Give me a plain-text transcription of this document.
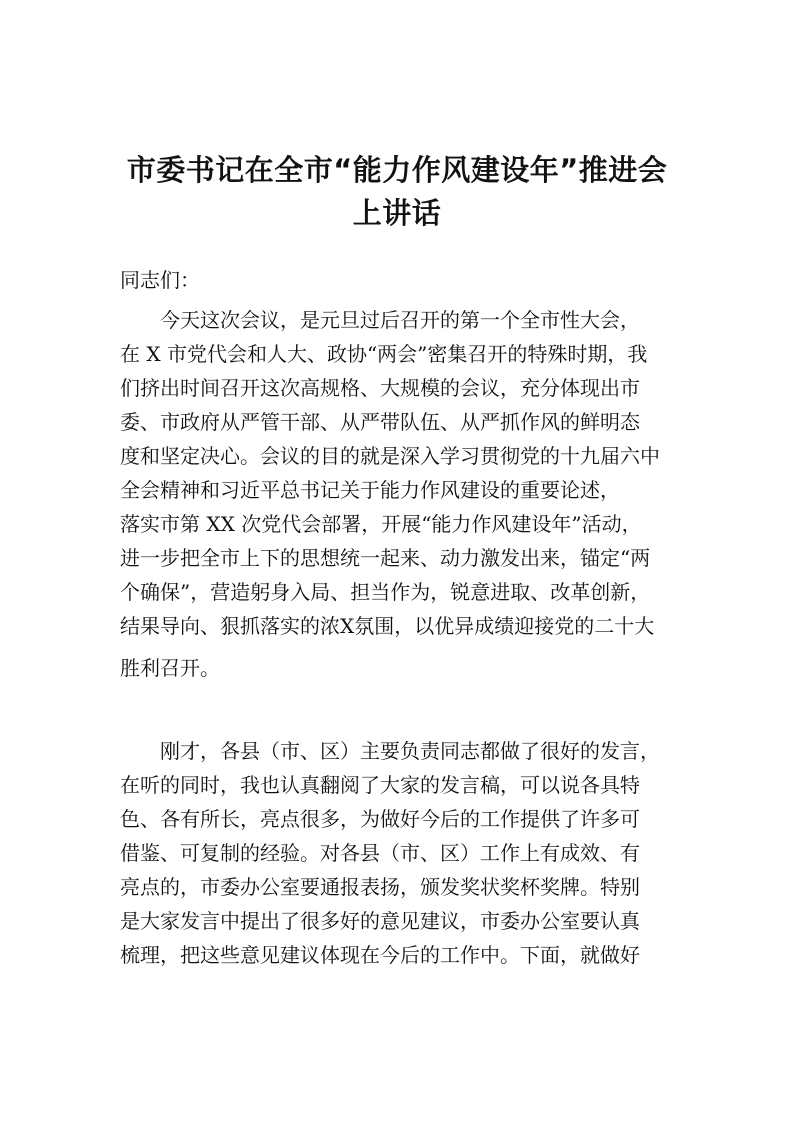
市委书记在全市“能力作风建设年”推进会
上讲话
同志们：
今天这次会议，是元旦过后召开的第一个全市性大会，
在 X 市党代会和人大、政协“两会”密集召开的特殊时期，我
们挤出时间召开这次高规格、大规模的会议，充分体现出市
委、市政府从严管干部、从严带队伍、从严抓作风的鲜明态
度和坚定决心。会议的目的就是深入学习贯彻党的十九届六中
全会精神和习近平总书记关于能力作风建设的重要论述，
落实市第 XX 次党代会部署，开展“能力作风建设年”活动，
进一步把全市上下的思想统一起来、动力激发出来，锚定“两
个确保”，营造躬身入局、担当作为，锐意进取、改革创新，
结果导向、狠抓落实的浓X氛围，以优异成绩迎接党的二十大
胜利召开。
刚才，各县（市、区）主要负责同志都做了很好的发言，
在听的同时，我也认真翻阅了大家的发言稿，可以说各具特
色、各有所长，亮点很多，为做好今后的工作提供了许多可
借鉴、可复制的经验。对各县（市、区）工作上有成效、有
亮点的，市委办公室要通报表扬，颁发奖状奖杯奖牌。特别
是大家发言中提出了很多好的意见建议，市委办公室要认真
梳理，把这些意见建议体现在今后的工作中。下面，就做好
